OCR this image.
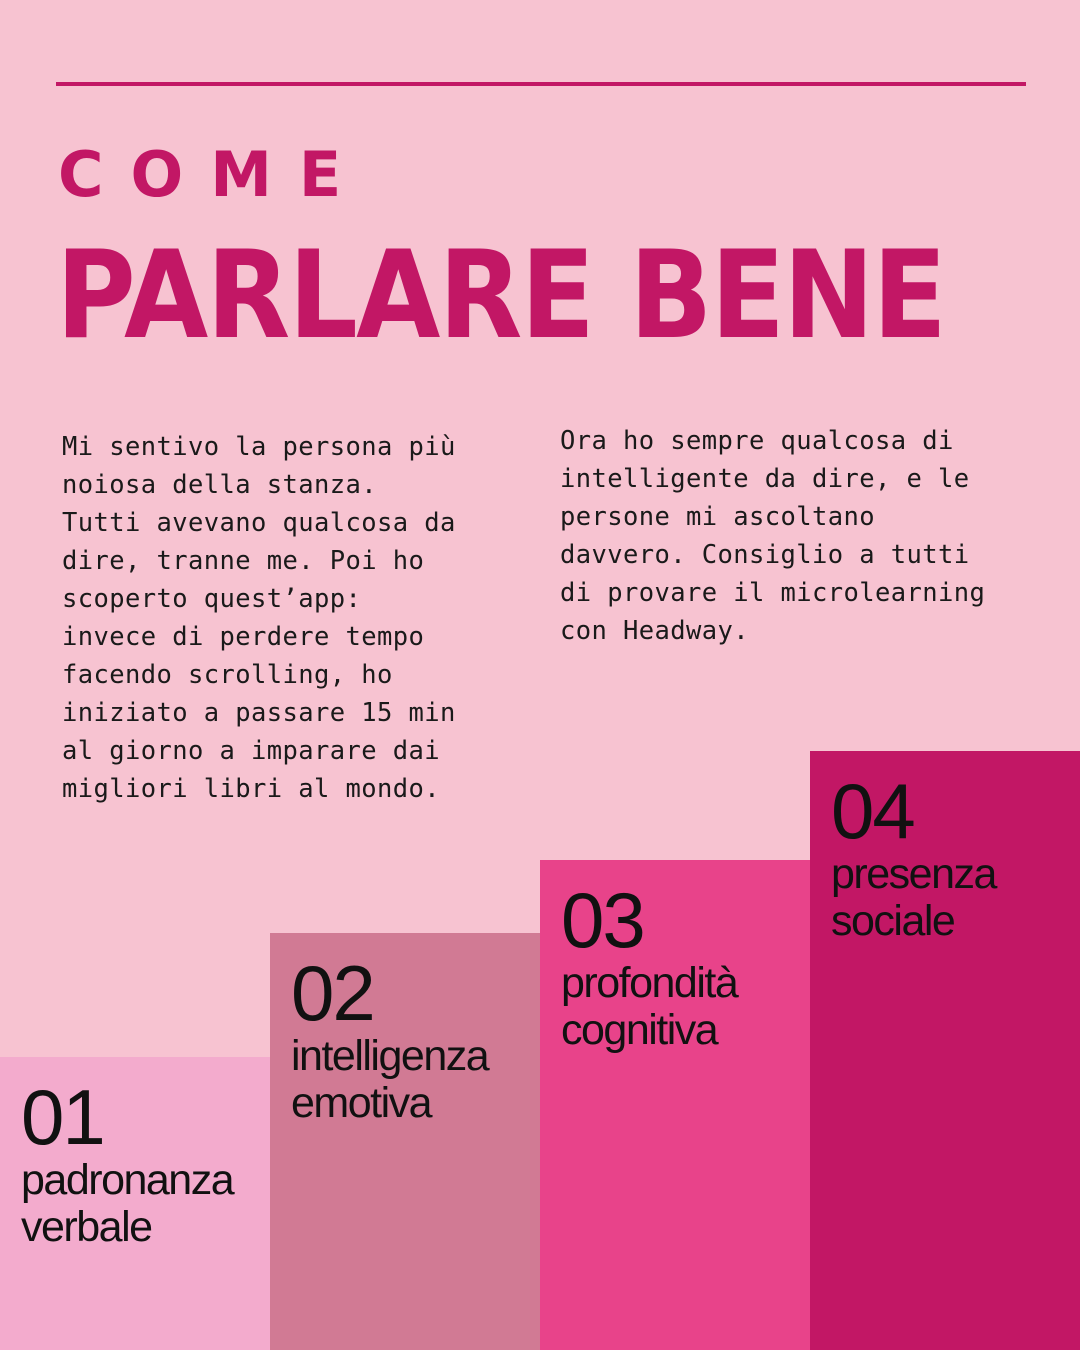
COME
PARLARE BENE

Mi sentivo la persona più
noiosa della stanza.
Tutti avevano qualcosa da
dire, tranne me. Poi ho
scoperto quest’app:
invece di perdere tempo
facendo scrolling, ho
iniziato a passare 15 min
al giorno a imparare dai
migliori libri al mondo.

Ora ho sempre qualcosa di
intelligente da dire, e le
persone mi ascoltano
davvero. Consiglio a tutti
di provare il microlearning
con Headway.

01

padronanza
verbale

02

intelligenza
emotiva

03

profondità
cognitiva

04

presenza
sociale
